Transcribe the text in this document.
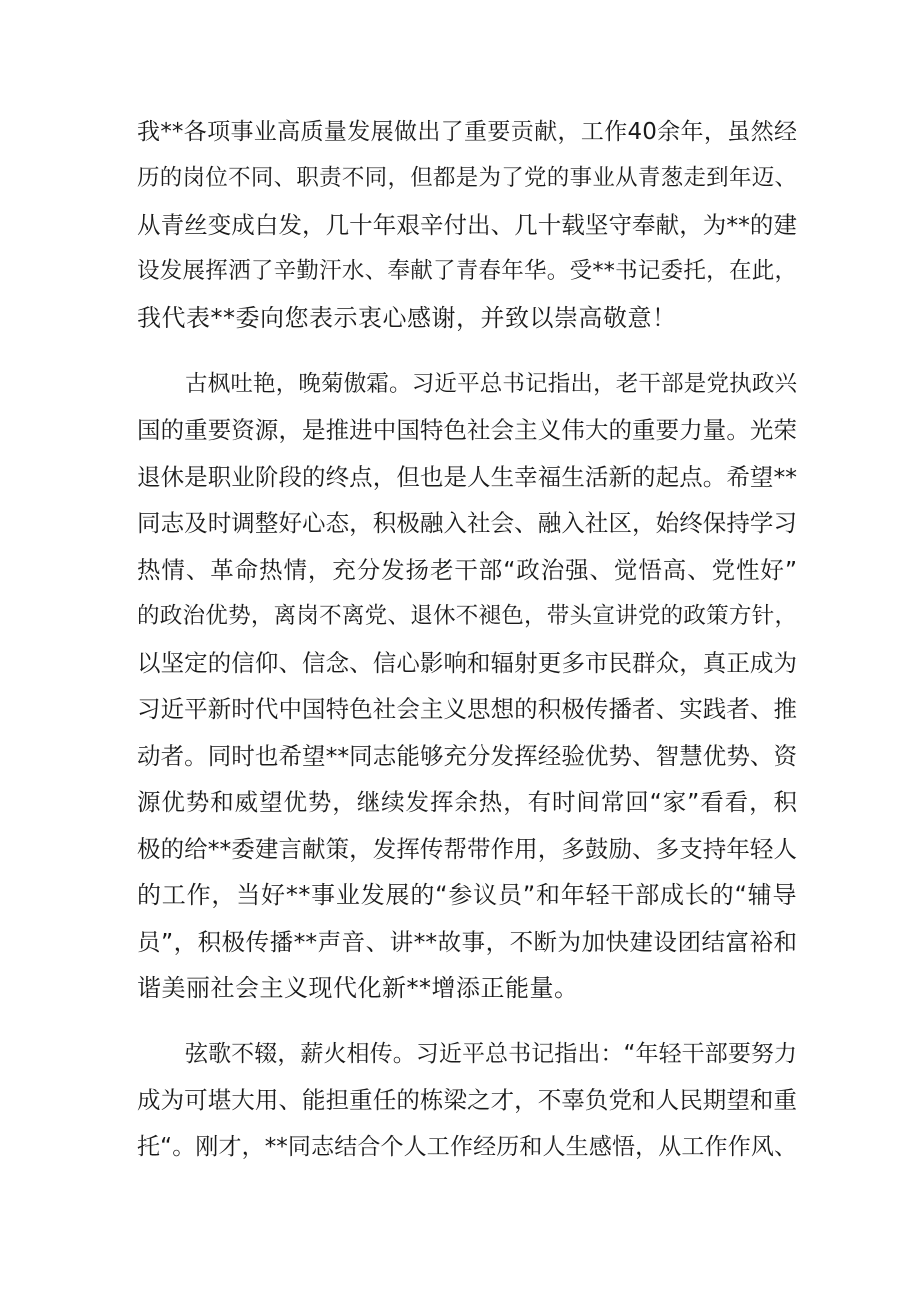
我**各项事业高质量发展做出了重要贡献，工作40余年，虽然经
历的岗位不同、职责不同，但都是为了党的事业从青葱走到年迈、
从青丝变成白发，几十年艰辛付出、几十载坚守奉献，为**的建
设发展挥洒了辛勤汗水、奉献了青春年华。受**书记委托，在此，
我代表**委向您表示衷心感谢，并致以崇高敬意！
古枫吐艳，晚菊傲霜。习近平总书记指出，老干部是党执政兴
国的重要资源，是推进中国特色社会主义伟大的重要力量。光荣
退休是职业阶段的终点，但也是人生幸福生活新的起点。希望**
同志及时调整好心态，积极融入社会、融入社区，始终保持学习
热情、革命热情，充分发扬老干部“政治强、觉悟高、党性好”
的政治优势，离岗不离党、退休不褪色，带头宣讲党的政策方针，
以坚定的信仰、信念、信心影响和辐射更多市民群众，真正成为
习近平新时代中国特色社会主义思想的积极传播者、实践者、推
动者。同时也希望**同志能够充分发挥经验优势、智慧优势、资
源优势和威望优势，继续发挥余热，有时间常回“家”看看，积
极的给**委建言献策，发挥传帮带作用，多鼓励、多支持年轻人
的工作，当好**事业发展的“参议员”和年轻干部成长的“辅导
员”，积极传播**声音、讲**故事，不断为加快建设团结富裕和
谐美丽社会主义现代化新**增添正能量。
弦歌不辍，薪火相传。习近平总书记指出：“年轻干部要努力
成为可堪大用、能担重任的栋梁之才，不辜负党和人民期望和重
托“。刚才，**同志结合个人工作经历和人生感悟，从工作作风、
